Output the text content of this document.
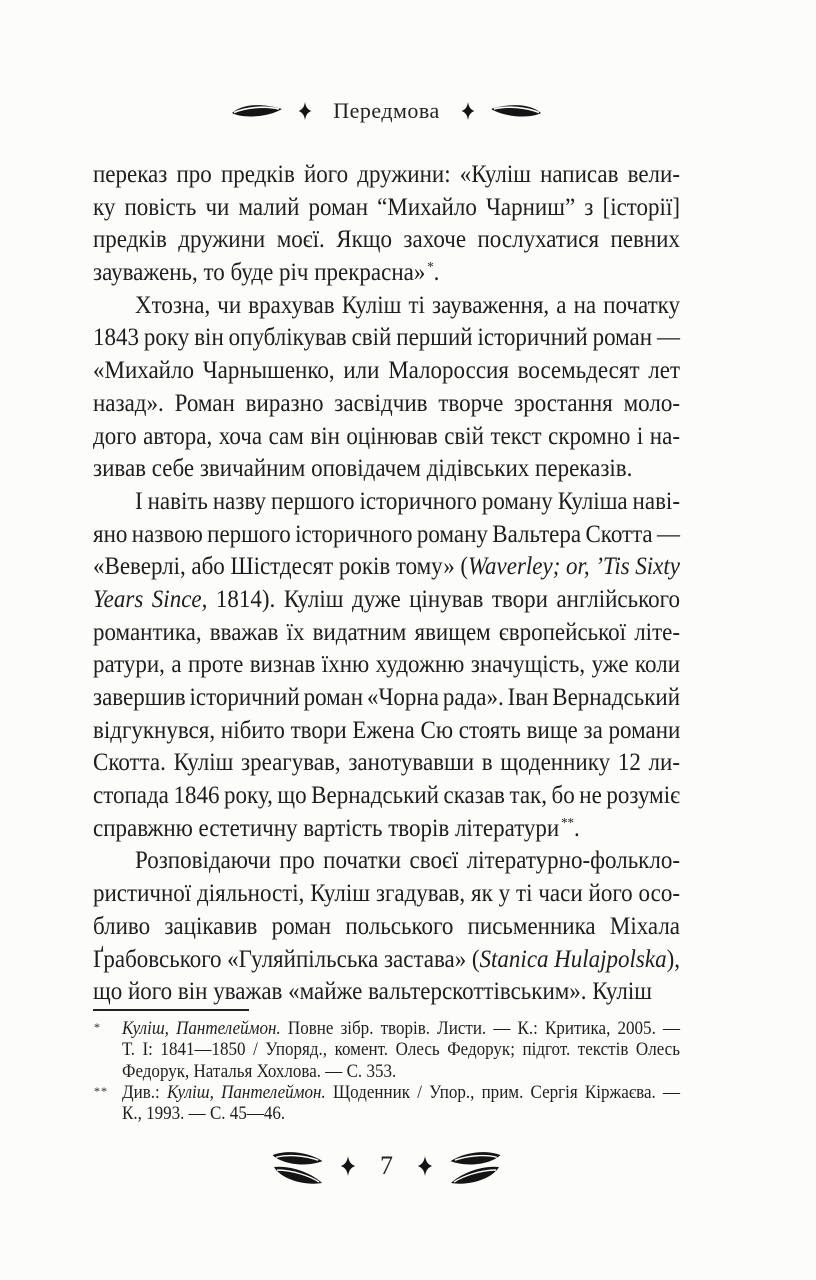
Передмова
переказ про предків його дружини: «Куліш написав вели-
ку повість чи малий роман “Михайло Чарниш” з [історії]
предків дружини моєї. Якщо захоче послухатися певних
зауважень, то буде річ прекрасна» *.
Хтозна, чи врахував Куліш ті зауваження, а на початку
1843 року він опублікував свій перший історичний роман —
«Михайло Чарнышенко, или Малороссия восемьдесят лет
назад». Роман виразно засвідчив творче зростання моло-
дого автора, хоча сам він оцінював свій текст скромно і на-
зивав себе звичайним оповідачем дідівських переказів.
І навіть назву першого історичного роману Куліша наві-
яно назвою першого історичного роману Вальтера Скотта —
«Веверлі, або Шістдесят років тому» (Waverley; or, ’Tis Sixty
Years Since, 1814). Куліш дуже цінував твори англійського
романтика, вважав їх видатним явищем європейської літе-
ратури, а проте визнав їхню художню значущість, уже коли
завершив історичний роман «Чорна рада». Іван Вернадський
відгукнувся, нібито твори Ежена Сю стоять вище за романи
Скотта. Куліш зреагував, занотувавши в щоденнику 12 ли-
стопада 1846 року, що Вернадський сказав так, бо не розуміє
справжню естетичну вартість творів літератури **.
Розповідаючи про початки своєї літературно-фолькло-
ристичної діяльності, Куліш згадував, як у ті часи його осо-
бливо зацікавив роман польського письменника Міхала
Ґрабовського «Гуляйпільська застава» (Stanica Hulajpolska),
що його він уважав «майже вальтерскоттівським». Куліш
* Куліш, Пантелеймон. Повне зібр. творів. Листи. — К.: Критика, 2005. —
Т. І: 1841—1850 / Упоряд., комент. Олесь Федорук; підгот. текстів Олесь
Федорук, Наталья Хохлова. — С. 353.
** Див.: Куліш, Пантелеймон. Щоденник / Упор., прим. Сергія Кіржаєва. —
К., 1993. — С. 45—46.
7
